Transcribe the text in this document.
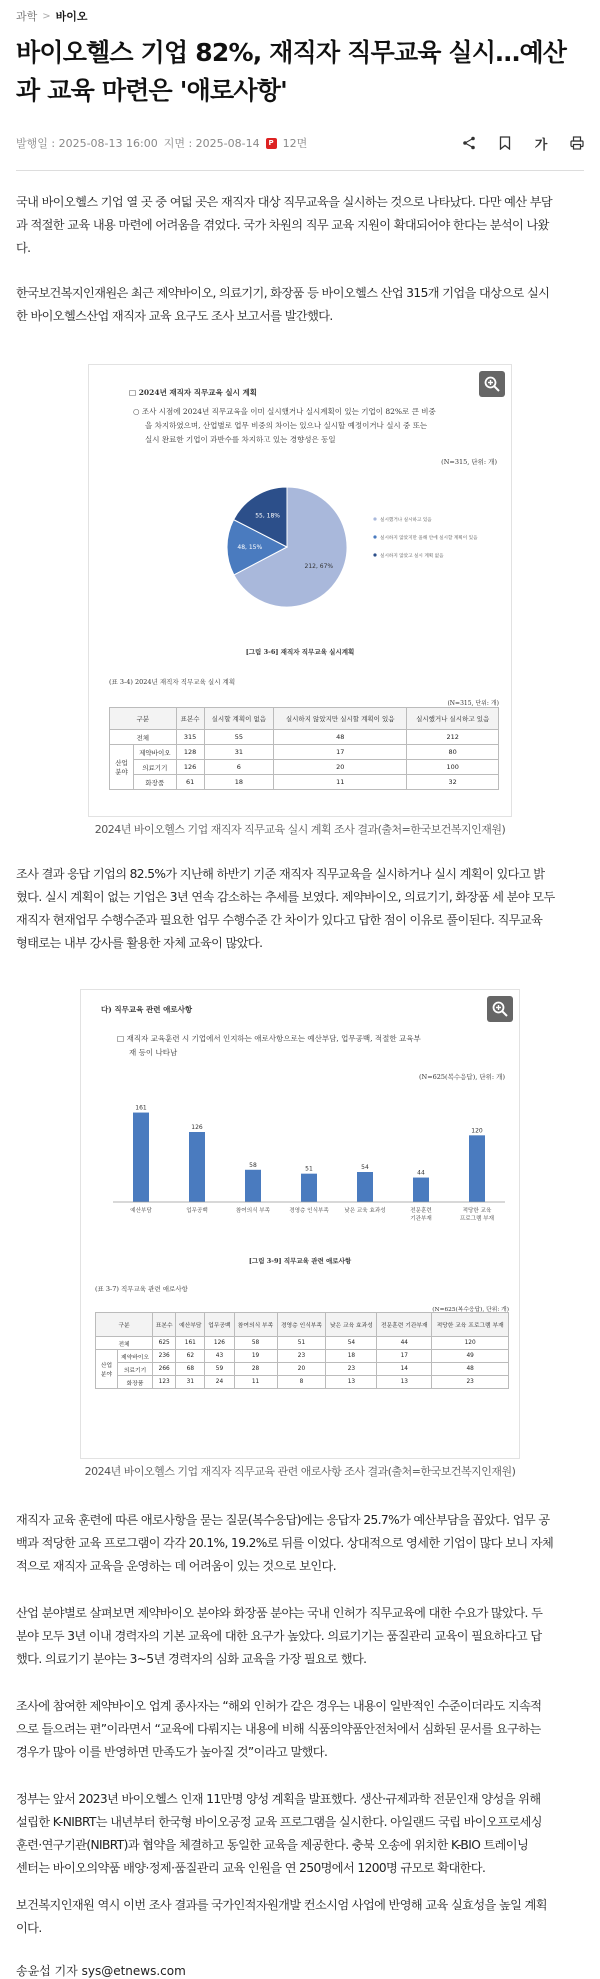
과학 > 바이오
바이오헬스 기업 82%, 재직자 직무교육 실시…예산
과 교육 마련은 '애로사항'
발행일 : 2025-08-13 16:00 지면 : 2025-08-14	P 12면	가
국내 바이오헬스 기업 열 곳 중 여덟 곳은 재직자 대상 직무교육을 실시하는 것으로 나타났다. 다만 예산 부담
과 적절한 교육 내용 마련에 어려움을 겪었다. 국가 차원의 직무 교육 지원이 확대되어야 한다는 분석이 나왔
다.
한국보건복지인재원은 최근 제약바이오, 의료기기, 화장품 등 바이오헬스 산업 315개 기업을 대상으로 실시
한 바이오헬스산업 재직자 교육 요구도 조사 보고서를 발간했다.
□ 2024년 재직자 직무교육 실시 계획
○ 조사 시점에 2024년 직무교육을 이미 실시했거나 실시계획이 있는 기업이 82%로 큰 비중
을 차지하였으며, 산업별로 업무 비중의 차이는 있으나 실시할 예정이거나 실시 중 또는
실시 완료한 기업이 과반수를 차지하고 있는 경향성은 동일
(N=315, 단위: 개)
212, 67%
48, 15%
55, 18%
실시했거나 실시하고 있음
실시하지 않았지만 올해 안에 실시할 계획이 있음
실시하지 않았고 실시 계획 없음
[그림 3-6] 재직자 직무교육 실시계획
(표 3-4) 2024년 재직자 직무교육 실시 계획
(N=315, 단위: 개)
구분		표본수	실시할 계획이 없음	실시하지 않았지만 실시할 계획이 있음	실시했거나 실시하고 있음
전체		315	55	48	212
산업 분야	제약바이오	128	31	17	80
	의료기기	126	6	20	100
	화장품	61	18	11	32
2024년 바이오헬스 기업 재직자 직무교육 실시 계획 조사 결과(출처=한국보건복지인재원)
조사 결과 응답 기업의 82.5%가 지난해 하반기 기준 재직자 직무교육을 실시하거나 실시 계획이 있다고 밝
혔다. 실시 계획이 없는 기업은 3년 연속 감소하는 추세를 보였다. 제약바이오, 의료기기, 화장품 세 분야 모두
재직자 현재업무 수행수준과 필요한 업무 수행수준 간 차이가 있다고 답한 점이 이유로 풀이된다. 직무교육
형태로는 내부 강사를 활용한 자체 교육이 많았다.
다) 직무교육 관련 애로사항
□ 재직자 교육훈련 시 기업에서 인지하는 애로사항으로는 예산부담, 업무공백, 적절한 교육부
재 등이 나타남
(N=625(복수응답), 단위: 개)
161
예산부담
126
업무공백
58
참여의식 부족
51
경영층 인식부족
54
낮은 교육 효과성
44
전문훈련
기관부재
120
적당한 교육
프로그램 부재
[그림 3-9] 직무교육 관련 애로사항
(표 3-7) 직무교육 관련 애로사항
(N=625(복수응답), 단위: 개)
구분		표본수	예산부담	업무공백	참여의식 부족	경영층 인식부족	낮은 교육 효과성	전문훈련 기관부재	적당한 교육 프로그램 부재
전체		625	161	126	58	51	54	44	120
산업 분야	제약바이오	236	62	43	19	23	18	17	49
	의료기기	266	68	59	28	20	23	14	48
	화장품	123	31	24	11	8	13	13	23
2024년 바이오헬스 기업 재직자 직무교육 관련 애로사항 조사 결과(출처=한국보건복지인재원)
재직자 교육 훈련에 따른 애로사항을 묻는 질문(복수응답)에는 응답자 25.7%가 예산부담을 꼽았다. 업무 공
백과 적당한 교육 프로그램이 각각 20.1%, 19.2%로 뒤를 이었다. 상대적으로 영세한 기업이 많다 보니 자체
적으로 재직자 교육을 운영하는 데 어려움이 있는 것으로 보인다.
산업 분야별로 살펴보면 제약바이오 분야와 화장품 분야는 국내 인허가 직무교육에 대한 수요가 많았다. 두
분야 모두 3년 이내 경력자의 기본 교육에 대한 요구가 높았다. 의료기기는 품질관리 교육이 필요하다고 답
했다. 의료기기 분야는 3~5년 경력자의 심화 교육을 가장 필요로 했다.
조사에 참여한 제약바이오 업계 종사자는 “해외 인허가 같은 경우는 내용이 일반적인 수준이더라도 지속적
으로 들으려는 편”이라면서 “교육에 다뤄지는 내용에 비해 식품의약품안전처에서 심화된 문서를 요구하는
경우가 많아 이를 반영하면 만족도가 높아질 것”이라고 말했다.
정부는 앞서 2023년 바이오헬스 인재 11만명 양성 계획을 발표했다. 생산·규제과학 전문인재 양성을 위해
설립한 K-NIBRT는 내년부터 한국형 바이오공정 교육 프로그램을 실시한다. 아일랜드 국립 바이오프로세싱
훈련·연구기관(NIBRT)과 협약을 체결하고 동일한 교육을 제공한다. 충북 오송에 위치한 K-BIO 트레이닝
센터는 바이오의약품 배양·정제·품질관리 교육 인원을 연 250명에서 1200명 규모로 확대한다.
보건복지인재원 역시 이번 조사 결과를 국가인적자원개발 컨소시엄 사업에 반영해 교육 실효성을 높일 계획
이다.
송윤섭 기자 sys@etnews.com
